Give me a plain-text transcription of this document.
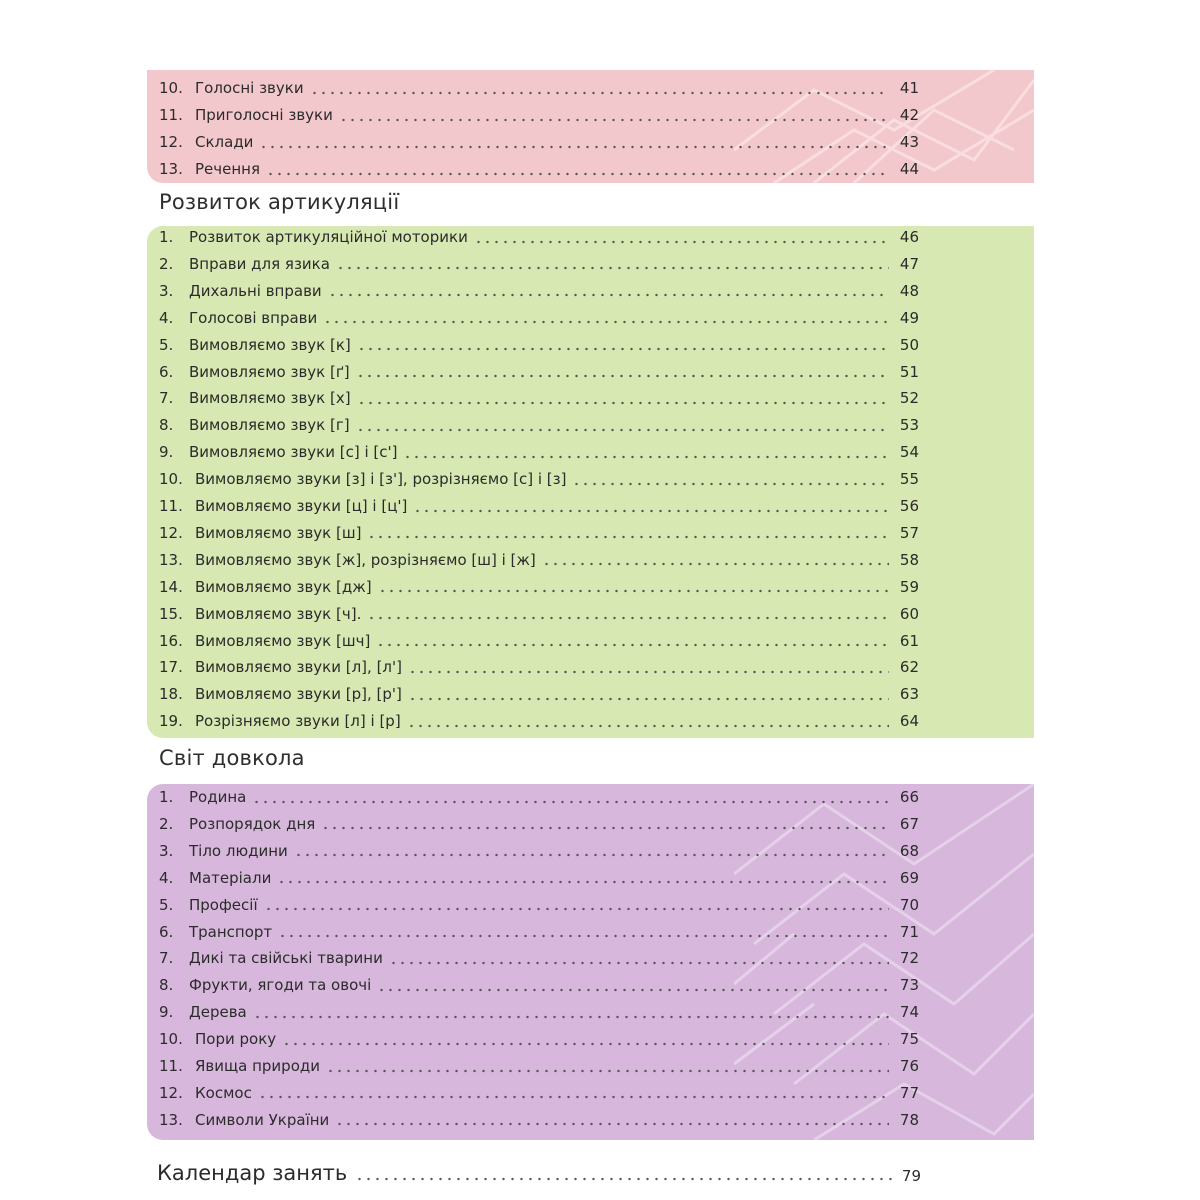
10. Голосні звуки	41
11. Приголосні звуки	42
12. Склади	43
13. Речення	44
Розвиток артикуляції
1.	Розвиток артикуляційної моторики	46
2.	Вправи для язика	47
3.	Дихальні вправи	48
4.	Голосові вправи	49
5.	Вимовляємо звук [к]	50
6.	Вимовляємо звук [ґ]	51
7.	Вимовляємо звук [х]	52
8.	Вимовляємо звук [г]	53
9.	Вимовляємо звуки [с] і [с']	54
10. Вимовляємо звуки [з] і [з'], розрізняємо [с] і [з]	55
11. Вимовляємо звуки [ц] і [ц']	56
12. Вимовляємо звук [ш]	57
13. Вимовляємо звук [ж], розрізняємо [ш] і [ж]	58
14. Вимовляємо звук [дж]	59
15. Вимовляємо звук [ч].	60
16. Вимовляємо звук [шч]	61
17. Вимовляємо звуки [л], [л']	62
18. Вимовляємо звуки [р], [р']	63
19. Розрізняємо звуки [л] і [р]	64
Світ довкола
1.	Родина	66
2.	Розпорядок дня	67
3.	Тіло людини	68
4.	Матеріали	69
5.	Професії	70
6.	Транспорт	71
7.	Дикі та свійські тварини	72
8.	Фрукти, ягоди та овочі	73
9.	Дерева	74
10. Пори року	75
11. Явища природи	76
12. Космос	77
13. Символи України	78
Календар занять	79
